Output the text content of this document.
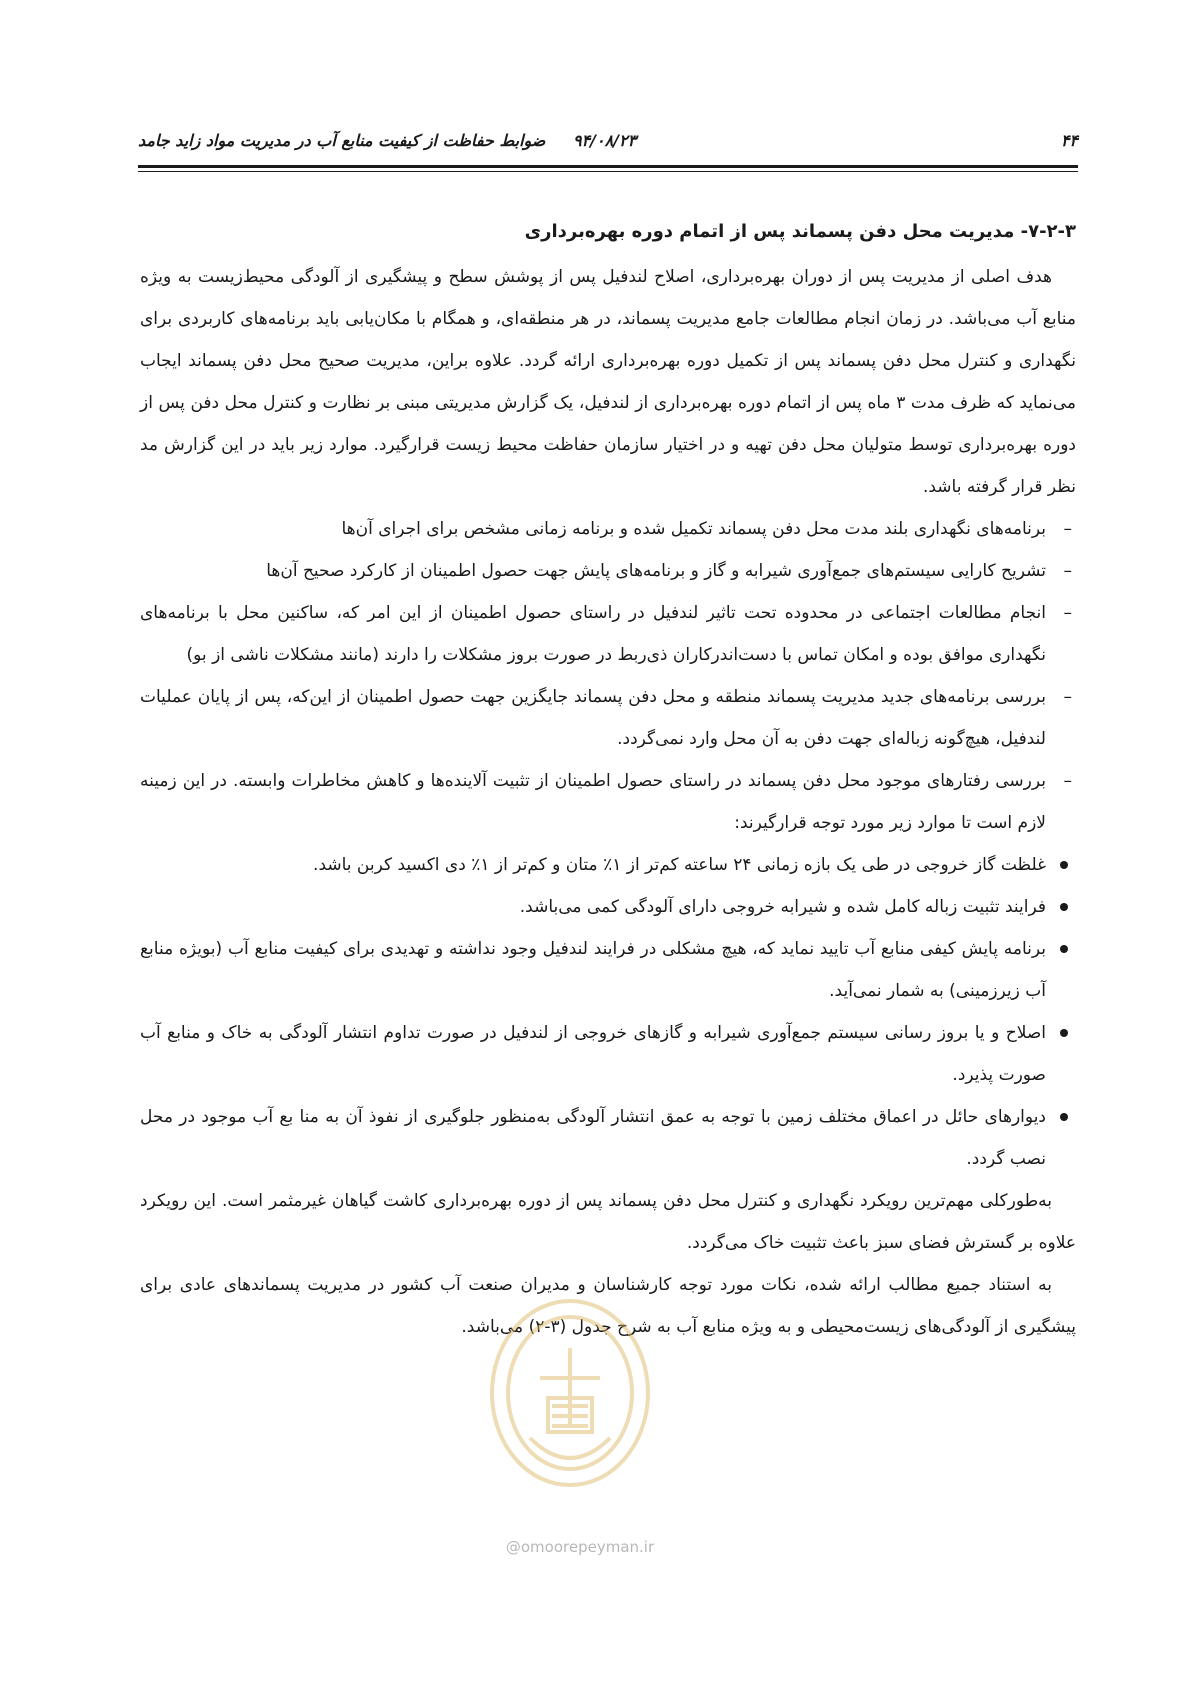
۴۴
۹۴/۰۸/۲۳ ضوابط حفاظت از کیفیت منابع آب در مدیریت مواد زاید جامد
۷-۲-۳- مدیریت محل دفن پسماند پس از اتمام دوره بهره‌برداری

هدف اصلی از مدیریت پس از دوران بهره‌برداری، اصلاح لندفیل پس از پوشش سطح و پیشگیری از آلودگی محیط‌زیست به ویژه منابع آب می‌باشد. در زمان انجام مطالعات جامع مدیریت پسماند، در هر منطقه‌ای، و همگام با مکان‌یابی باید برنامه‌های کاربردی برای نگهداری و کنترل محل دفن پسماند پس از تکمیل دوره بهره‌برداری ارائه گردد. علاوه براین، مدیریت صحیح محل دفن پسماند ایجاب می‌نماید که ظرف مدت ۳ ماه پس از اتمام دوره بهره‌برداری از لندفیل، یک گزارش مدیریتی مبنی بر نظارت و کنترل محل دفن پس از دوره بهره‌برداری توسط متولیان محل دفن تهیه و در اختیار سازمان حفاظت محیط زیست قرارگیرد. موارد زیر باید در این گزارش مد نظر قرار گرفته باشد.

– برنامه‌های نگهداری بلند مدت محل دفن پسماند تکمیل شده و برنامه زمانی مشخص برای اجرای آن‌ها
– تشریح کارایی سیستم‌های جمع‌آوری شیرابه و گاز و برنامه‌های پایش جهت حصول اطمینان از کارکرد صحیح آن‌ها
– انجام مطالعات اجتماعی در محدوده تحت تاثیر لندفیل در راستای حصول اطمینان از این امر که، ساکنین محل با برنامه‌های نگهداری موافق بوده و امکان تماس با دست‌اندرکاران ذی‌ربط در صورت بروز مشکلات را دارند (مانند مشکلات ناشی از بو)
– بررسی برنامه‌های جدید مدیریت پسماند منطقه و محل دفن پسماند جایگزین جهت حصول اطمینان از این‌که، پس از پایان عملیات لندفیل، هیچ‌گونه زباله‌ای جهت دفن به آن محل وارد نمی‌گردد.
– بررسی رفتارهای موجود محل دفن پسماند در راستای حصول اطمینان از تثبیت آلاینده‌ها و کاهش مخاطرات وابسته. در این زمینه لازم است تا موارد زیر مورد توجه قرارگیرند:
غلظت گاز خروجی در طی یک بازه زمانی ۲۴ ساعته کم‌تر از ۱٪ متان و کم‌تر از ۱٪ دی اکسید کربن باشد.
فرایند تثبیت زباله کامل شده و شیرابه خروجی دارای آلودگی کمی می‌باشد.
برنامه پایش کیفی منابع آب تایید نماید که، هیچ مشکلی در فرایند لندفیل وجود نداشته و تهدیدی برای کیفیت منابع آب (بویژه منابع آب زیرزمینی) به شمار نمی‌آید.
اصلاح و یا بروز رسانی سیستم جمع‌آوری شیرابه و گازهای خروجی از لندفیل در صورت تداوم انتشار آلودگی به خاک و منابع آب صورت پذیرد.
دیوارهای حائل در اعماق مختلف زمین با توجه به عمق انتشار آلودگی به‌منظور جلوگیری از نفوذ آن به منا بع آب موجود در محل نصب گردد.

به‌طورکلی مهم‌ترین رویکرد نگهداری و کنترل محل دفن پسماند پس از دوره بهره‌برداری کاشت گیاهان غیرمثمر است. این رویکرد علاوه بر گسترش فضای سبز باعث تثبیت خاک می‌گردد.

به استناد جمیع مطالب ارائه شده، نکات مورد توجه کارشناسان و مدیران صنعت آب کشور در مدیریت پسماندهای عادی برای پیشگیری از آلودگی‌های زیست‌محیطی و به ویژه منابع آب به شرح جدول (۳-۲) می‌باشد.

@omoorepeyman.ir
